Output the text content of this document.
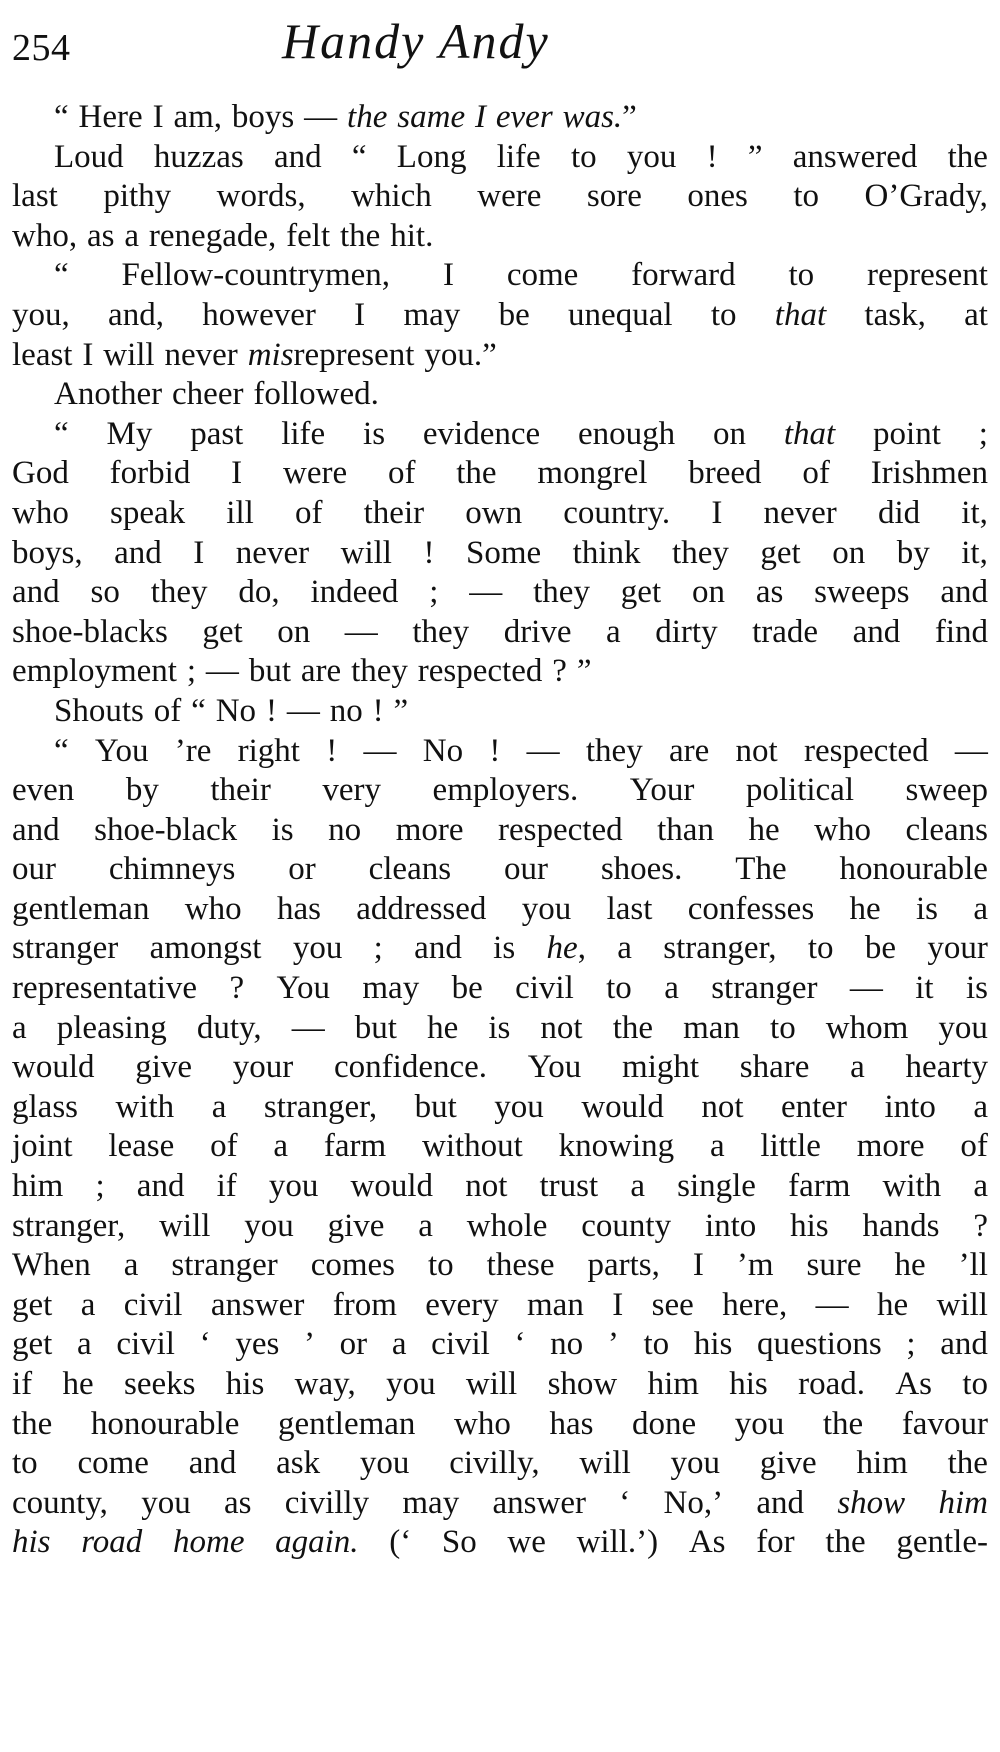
254	Handy Andy
“ Here I am, boys — the same I ever was.”
Loud huzzas and “ Long life to you ! ” answered the
last pithy words, which were sore ones to O’Grady,
who, as a renegade, felt the hit.
“ Fellow-countrymen, I come forward to represent
you, and, however I may be unequal to that task, at
least I will never misrepresent you.”
Another cheer followed.
“ My past life is evidence enough on that point ;
God forbid I were of the mongrel breed of Irishmen
who speak ill of their own country. I never did it,
boys, and I never will ! Some think they get on by it,
and so they do, indeed ; — they get on as sweeps and
shoe-blacks get on — they drive a dirty trade and find
employment ; — but are they respected ? ”
Shouts of “ No ! — no ! ”
“ You ’re right ! — No ! — they are not respected —
even by their very employers. Your political sweep
and shoe-black is no more respected than he who cleans
our chimneys or cleans our shoes. The honourable
gentleman who has addressed you last confesses he is a
stranger amongst you ; and is he, a stranger, to be your
representative ? You may be civil to a stranger — it is
a pleasing duty, — but he is not the man to whom you
would give your confidence. You might share a hearty
glass with a stranger, but you would not enter into a
joint lease of a farm without knowing a little more of
him ; and if you would not trust a single farm with a
stranger, will you give a whole county into his hands ?
When a stranger comes to these parts, I ’m sure he ’ll
get a civil answer from every man I see here, — he will
get a civil ‘ yes ’ or a civil ‘ no ’ to his questions ; and
if he seeks his way, you will show him his road. As to
the honourable gentleman who has done you the favour
to come and ask you civilly, will you give him the
county, you as civilly may answer ‘ No,’ and show him
his road home again. (‘ So we will.’) As for the gentle-
